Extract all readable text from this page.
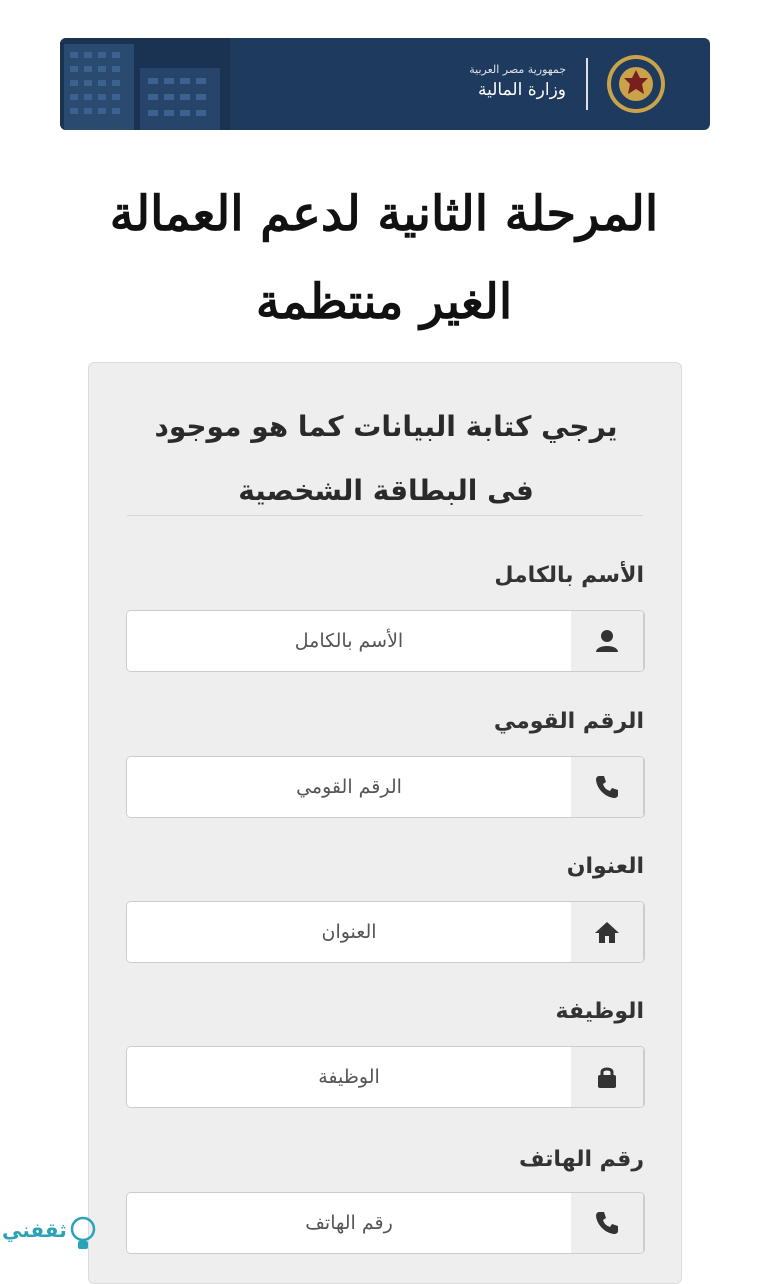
جمهورية مصر العربية
وزارة المالية
المرحلة الثانية لدعم العمالة
الغير منتظمة
يرجي كتابة البيانات كما هو موجود
فى البطاقة الشخصية
الأسم بالكامل
الأسم بالكامل
الرقم القومي
الرقم القومي
العنوان
العنوان
الوظيفة
الوظيفة
رقم الهاتف
رقم الهاتف
ثقفني
